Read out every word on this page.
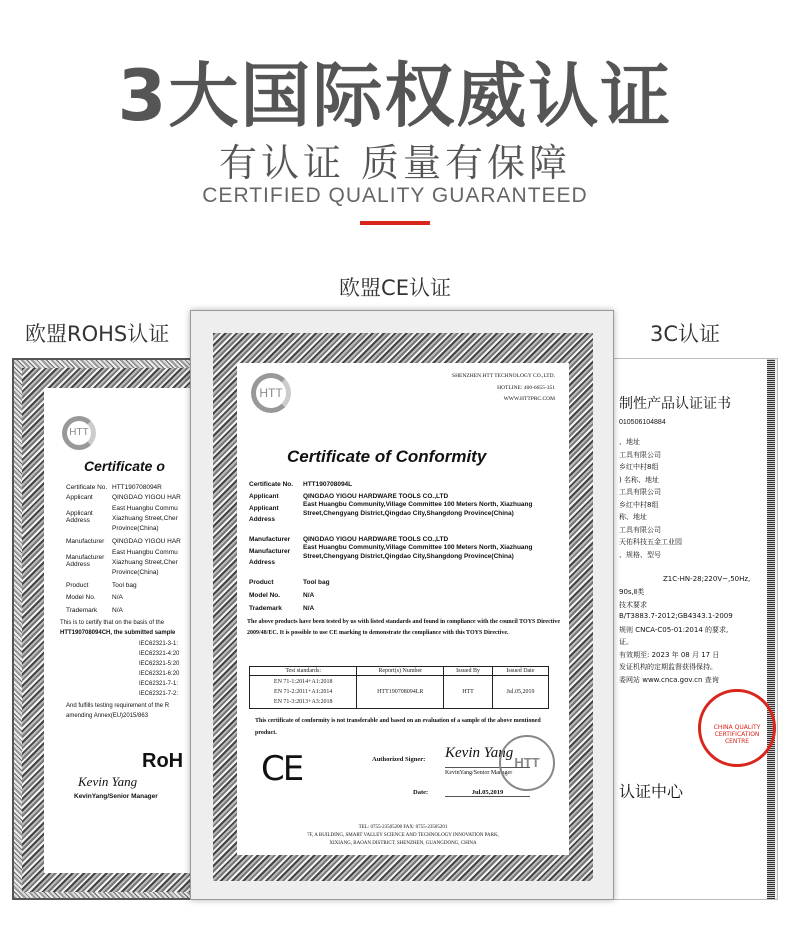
3大国际权威认证
有认证 质量有保障
CERTIFIED QUALITY GUARANTEED
欧盟CE认证
欧盟ROHS认证	3C认证
HTT
Certificate o
Certificate No. HTT190708094R
Applicant	QINGDAO YIGOU HAR
Applicant Address
East Huangbu Commu Xiazhuang Street,Cher Province(China)
Manufacturer QINGDAO YIGOU HAR
Manufacturer Address
East Huangbu Commu Xiazhuang Street,Cher Province(China)
Product	Tool bag
Model No.	N/A
Trademark N/A
This is to certify that on the basis of the
HTT190708094CH, the submitted sample
IEC62321-3-1:
IEC62321-4:20
IEC62321-5:20
IEC62321-6:20
IEC62321-7-1:
IEC62321-7-2:
And fulfills testing requirement of the R
amending Annex(EU)2015/863
RoH
Kevin Yang
KevinYang/Senior Manager
制性产品认证证书
010506104884
、地址
工具有限公司
乡红中村8组
) 名称、地址
工具有限公司
乡红中村8组
称、地址
工具有限公司
天佑科技五金工业园
、规格、型号
Z1C-HN-28;220V~,50Hz,
90s,Ⅱ类
技术要求
B/T3883.7-2012;GB4343.1-2009
规则 CNCA-C05-01:2014 的要求,
证。
有效期至: 2023 年 08 月 17 日
发证机构的定期监督获得保持。
委网站 www.cnca.gov.cn 查询
CHINA QUALITY CERTIFICATION CENTRE
认证中心
HTT
SHENZHEN HTT TECHNOLOGY CO.,LTD.
HOTLINE: 400-6655-351
WWW.HTTPRC.COM
Certificate of Conformity
Certificate No. HTT190708094L
Applicant	QINGDAO YIGOU HARDWARE TOOLS CO.,LTD
Applicant Address
East Huangbu Community,Village Committee 100 Meters North, Xiazhuang Street,Chengyang District,Qingdao City,Shangdong Province(China)
Manufacturer QINGDAO YIGOU HARDWARE TOOLS CO.,LTD
Manufacturer Address
East Huangbu Community,Village Committee 100 Meters North, Xiazhuang Street,Chengyang District,Qingdao City,Shangdong Province(China)
Product	Tool bag
Model No.	N/A
Trademark	N/A
The above products have been tested by us with listed standards and found in compliance with the council TOYS Directive 2009/48/EC. It is possible to use CE marking to demonstrate the compliance with this TOYS Directive.
Test standards:	Report(s) Number	Issued By	Issued Date

EN 71-1:2014+A1:2018
EN 71-2:2011+A1:2014
EN 71-3:2013+A3:2018	HTT190708094LR	HTT	Jul.05,2019
This certificate of conformity is not transferable and based on an evaluation of a sample of the above mentioned product.
CE	Authorized Signer: Kevin Yang
KevinYang/Senior Manager
HTT
Date:	Jul.05,2019
TEL: 0755-23505200 FAX: 0755-23505201
7F, A BUILDING, SMART VALLEY SCIENCE AND TECHNOLOGY INNOVATION PARK,
XIXIANG, BAOAN DISTRICT, SHENZHEN, GUANGDONG, CHINA
